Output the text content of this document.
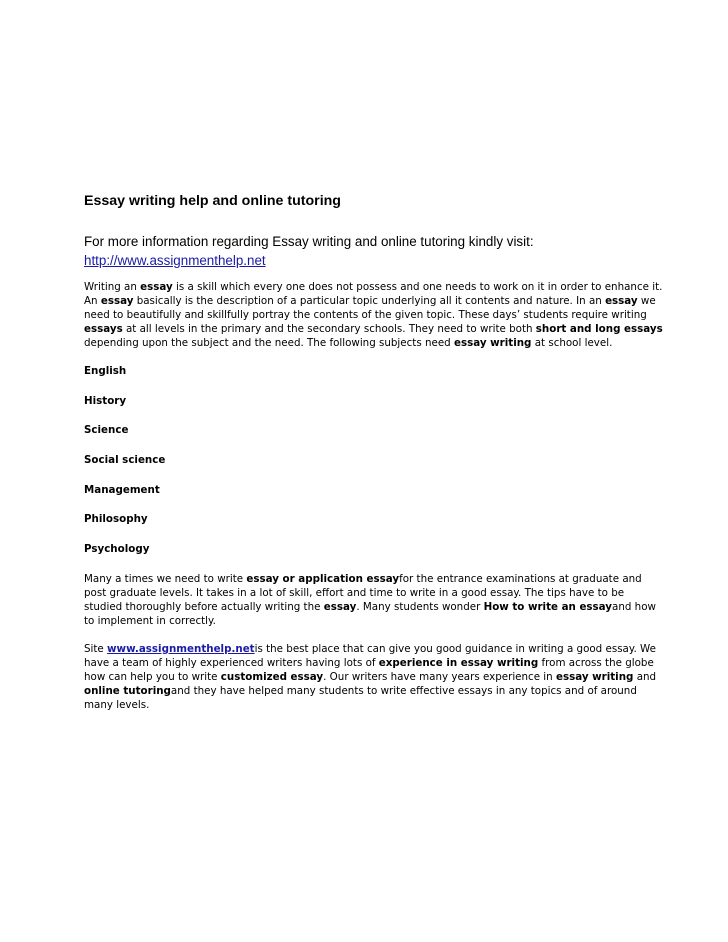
Essay writing help and online tutoring
For more information regarding Essay writing and online tutoring kindly visit:
http://www.assignmenthelp.net
Writing an essay is a skill which every one does not possess and one needs to work on it in order to enhance it. An essay basically is the description of a particular topic underlying all it contents and nature. In an essay we need to beautifully and skillfully portray the contents of the given topic. These days’ students require writing essays at all levels in the primary and the secondary schools. They need to write both short and long essays depending upon the subject and the need. The following subjects need essay writing at school level.
English
History
Science
Social science
Management
Philosophy
Psychology
Many a times we need to write essay or application essayfor the entrance examinations at graduate and post graduate levels. It takes in a lot of skill, effort and time to write in a good essay. The tips have to be studied thoroughly before actually writing the essay. Many students wonder How to write an essayand how to implement in correctly.
Site www.assignmenthelp.netis the best place that can give you good guidance in writing a good essay. We have a team of highly experienced writers having lots of experience in essay writing from across the globe how can help you to write customized essay. Our writers have many years experience in essay writing and online tutoringand they have helped many students to write effective essays in any topics and of around many levels.
